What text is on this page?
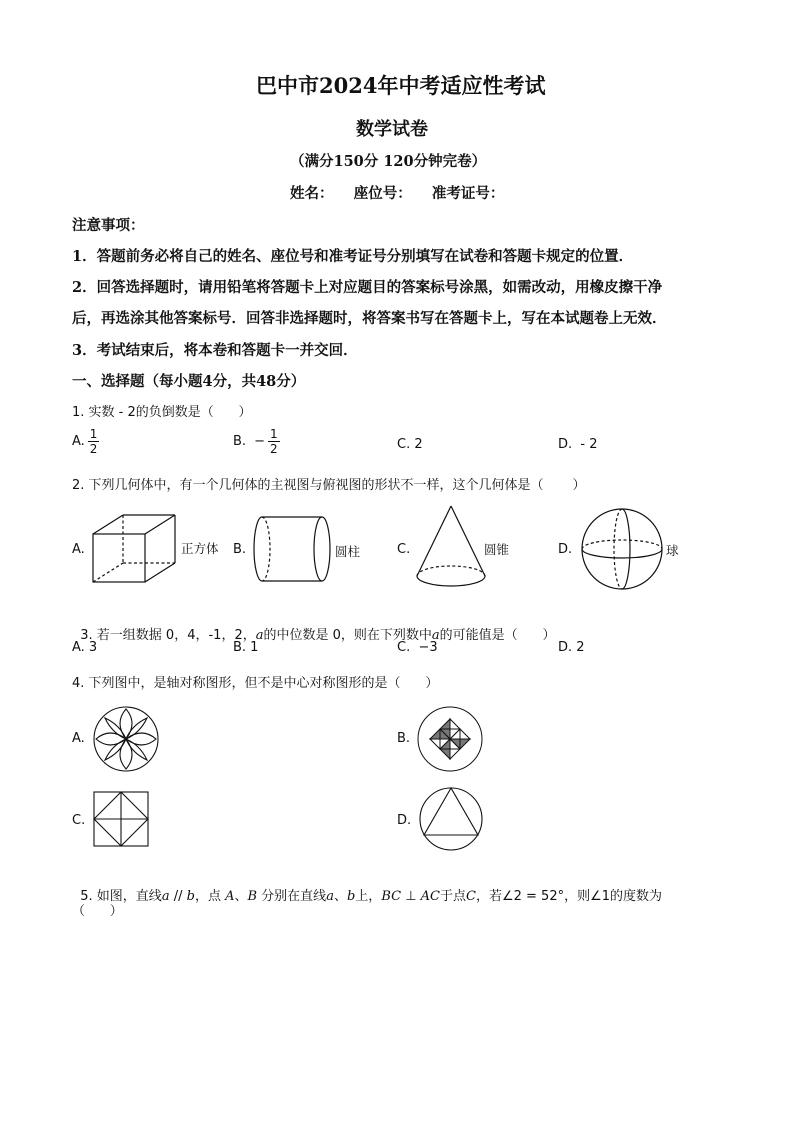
巴中市2024年中考适应性考试
数学试卷
（满分150分 120分钟完卷）
姓名：    座位号：    准考证号：
注意事项：
1．答题前务必将自己的姓名、座位号和准考证号分别填写在试卷和答题卡规定的位置．
2．回答选择题时，请用铅笔将答题卡上对应题目的答案标号涂黑，如需改动，用橡皮擦干净
后，再选涂其他答案标号．回答非选择题时，将答案书写在答题卡上，写在本试题卷上无效．
3．考试结束后，将本卷和答题卡一并交回．
一、选择题（每小题4分，共48分）
1. 实数 - 2的负倒数是（      ）
A. $\frac{1}{2}$	B. − $\frac{1}{2}$	C. 2	D.  - 2
2. 下列几何体中，有一个几何体的主视图与俯视图的形状不一样，这个几何体是（       ）
A.	正方体 B.	圆柱	C.	圆锥	D.	球

3. 若一组数据 0，4，-1，2，a的中位数是 0，则在下列数中a的可能值是（      ）

A. 3	B. 1	C.  −3	D. 2
4. 下列图中，是轴对称图形，但不是中心对称图形的是（      ）
A.	B.
C.	D.

5. 如图，直线a // b，点 A、B 分别在直线a、b上，BC ⊥ AC于点C，若∠2 = 52°，则∠1的度数为

（      ）
